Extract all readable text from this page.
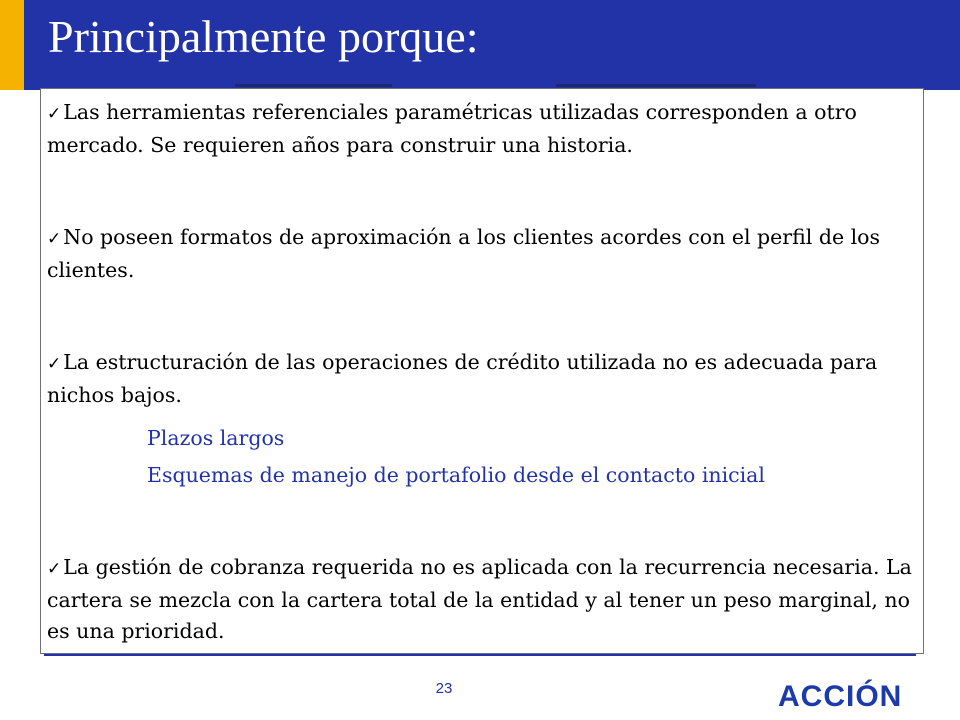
Principalmente porque:
✓Las herramientas referenciales paramétricas utilizadas corresponden a otro mercado. Se requieren años para construir una historia.
✓No poseen formatos de aproximación a los clientes acordes con el perfil de los clientes.
✓La estructuración de las operaciones de crédito utilizada no es adecuada para nichos bajos.
Plazos largos
Esquemas de manejo de portafolio desde el contacto inicial
✓La gestión de cobranza requerida no es aplicada con la recurrencia necesaria. La cartera se mezcla con la cartera total de la entidad y al tener un peso marginal, no es una prioridad.
23	ACCIÓN
